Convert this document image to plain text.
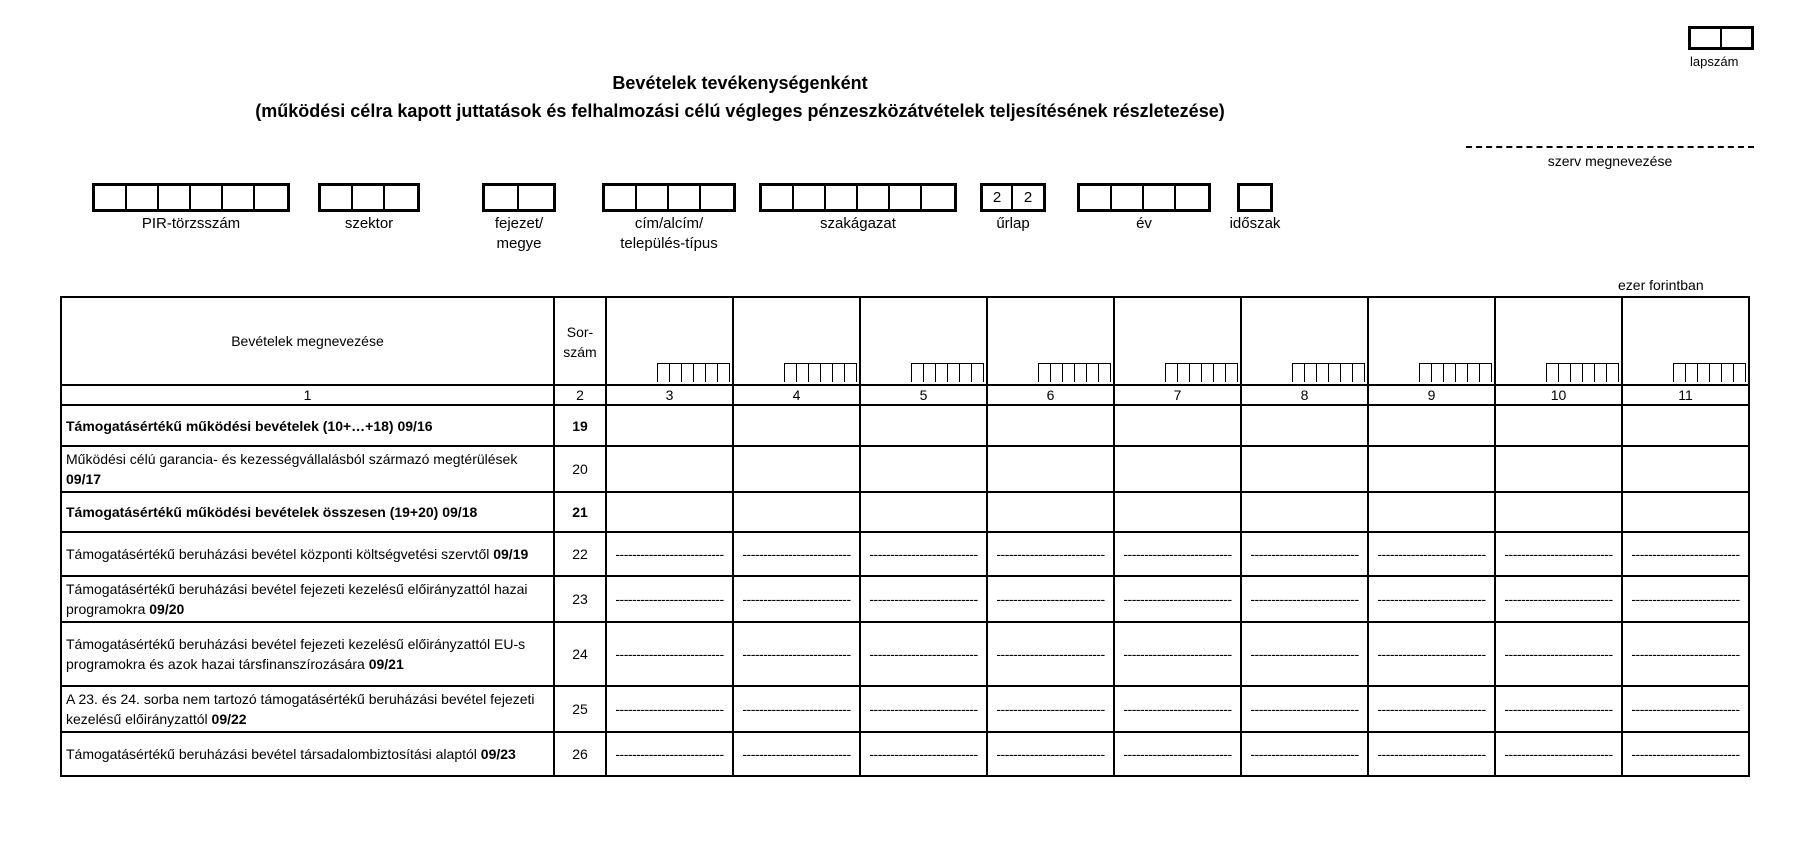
lapszám
Bevételek tevékenységenként
(működési célra kapott juttatások és felhalmozási célú végleges pénzeszközátvételek teljesítésének részletezése)
szerv megnevezése
ezer forintban
PIR-törzsszám	szektor	fejezet/
megye
cím/alcím/
település-típus
szakágazat
2	2
űrlap	év	időszak
Bevételek megnevezése	Sor-
szám									

1	2	3	4	5	6	7	8	9	10	11
Támogatásértékű működési bevételek (10+…+18) 09/16	19									
Működési célú garancia- és kezességvállalásból származó megtérülések 09/17	20									
Támogatásértékű működési bevételek összesen (19+20) 09/18	21									
Támogatásértékű beruházási bevétel központi költségvetési szervtől 09/19	22	--------------------------	--------------------------	--------------------------	--------------------------	--------------------------	--------------------------	--------------------------	--------------------------	--------------------------
Támogatásértékű beruházási bevétel fejezeti kezelésű előirányzattól hazai programokra 09/20	23	--------------------------	--------------------------	--------------------------	--------------------------	--------------------------	--------------------------	--------------------------	--------------------------	--------------------------
Támogatásértékű beruházási bevétel fejezeti kezelésű előirányzattól EU-s programokra és azok hazai társfinanszírozására 09/21	24	--------------------------	--------------------------	--------------------------	--------------------------	--------------------------	--------------------------	--------------------------	--------------------------	--------------------------
A 23. és 24. sorba nem tartozó támogatásértékű beruházási bevétel fejezeti kezelésű előirányzattól 09/22	25	--------------------------	--------------------------	--------------------------	--------------------------	--------------------------	--------------------------	--------------------------	--------------------------	--------------------------
Támogatásértékű beruházási bevétel társadalombiztosítási alaptól 09/23	26	--------------------------	--------------------------	--------------------------	--------------------------	--------------------------	--------------------------	--------------------------	--------------------------	--------------------------
